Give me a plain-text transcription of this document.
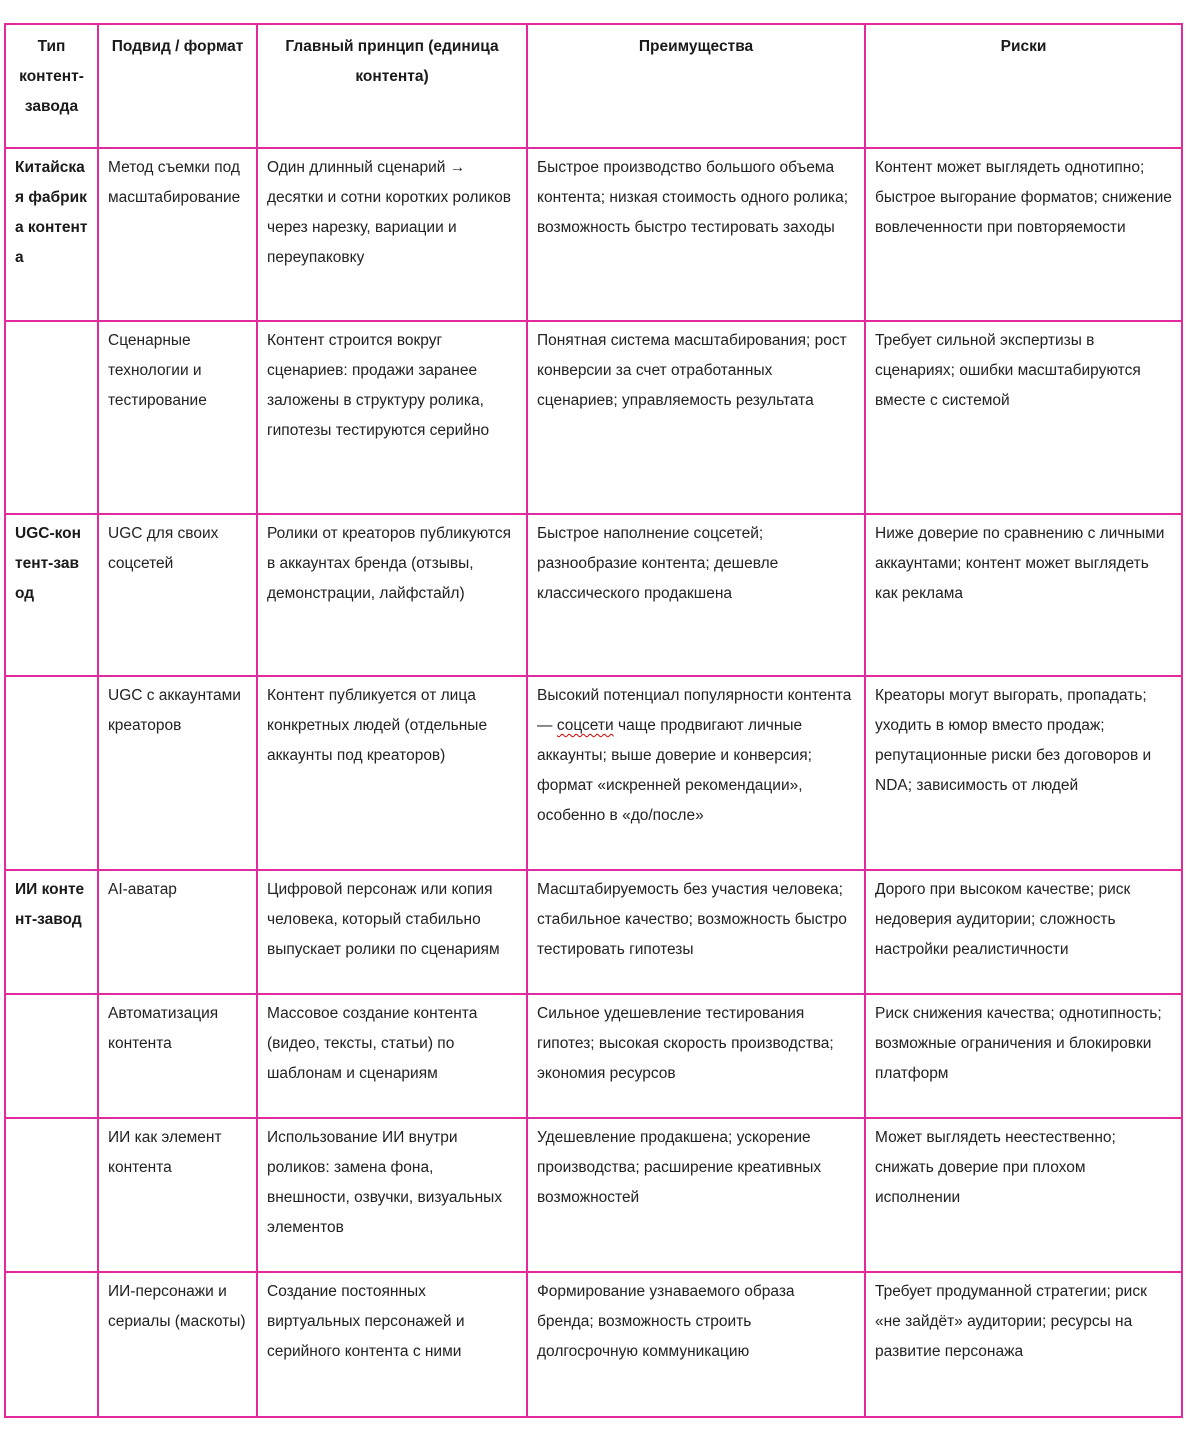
Тип контент-завода	Подвид / формат	Главный принцип (единица контента)	Преимущества	Риски
Китайская фабрика контента	Метод съемки под масштабирование	Один длинный сценарий → десятки и сотни коротких роликов через нарезку, вариации и переупаковку	Быстрое производство большого объема контента; низкая стоимость одного ролика; возможность быстро тестировать заходы	Контент может выглядеть однотипно; быстрое выгорание форматов; снижение вовлеченности при повторяемости
	Сценарные технологии и тестирование	Контент строится вокруг сценариев: продажи заранее заложены в структуру ролика, гипотезы тестируются серийно	Понятная система масштабирования; рост конверсии за счет отработанных сценариев; управляемость результата	Требует сильной экспертизы в сценариях; ошибки масштабируются вместе с системой
UGC-контент-завод	UGC для своих соцсетей	Ролики от креаторов публикуются в аккаунтах бренда (отзывы, демонстрации, лайфстайл)	Быстрое наполнение соцсетей; разнообразие контента; дешевле классического продакшена	Ниже доверие по сравнению с личными аккаунтами; контент может выглядеть как реклама
	UGC с аккаунтами креаторов	Контент публикуется от лица конкретных людей (отдельные аккаунты под креаторов)	Высокий потенциал популярности контента— соцсети чаще продвигают личные аккаунты; выше доверие и конверсия; формат «искренней рекомендации», особенно в «до/после»	Креаторы могут выгорать, пропадать; уходить в юмор вместо продаж; репутационные риски без договоров и NDA; зависимость от людей
ИИ контент-завод	AI-аватар	Цифровой персонаж или копия человека, который стабильно выпускает ролики по сценариям	Масштабируемость без участия человека; стабильное качество; возможность быстро тестировать гипотезы	Дорого при высоком качестве; риск недоверия аудитории; сложность настройки реалистичности
	Автоматизация контента	Массовое создание контента (видео, тексты, статьи) по шаблонам и сценариям	Сильное удешевление тестирования гипотез; высокая скорость производства; экономия ресурсов	Риск снижения качества; однотипность; возможные ограничения и блокировки платформ
	ИИ как элемент контента	Использование ИИ внутри роликов: замена фона, внешности, озвучки, визуальных элементов	Удешевление продакшена; ускорение производства; расширение креативных возможностей	Может выглядеть неестественно; снижать доверие при плохом исполнении
	ИИ-персонажи и сериалы (маскоты)	Создание постоянных виртуальных персонажей и серийного контента с ними	Формирование узнаваемого образа бренда; возможность строить долгосрочную коммуникацию	Требует продуманной стратегии; риск «не зайдёт» аудитории; ресурсы на развитие персонажа
